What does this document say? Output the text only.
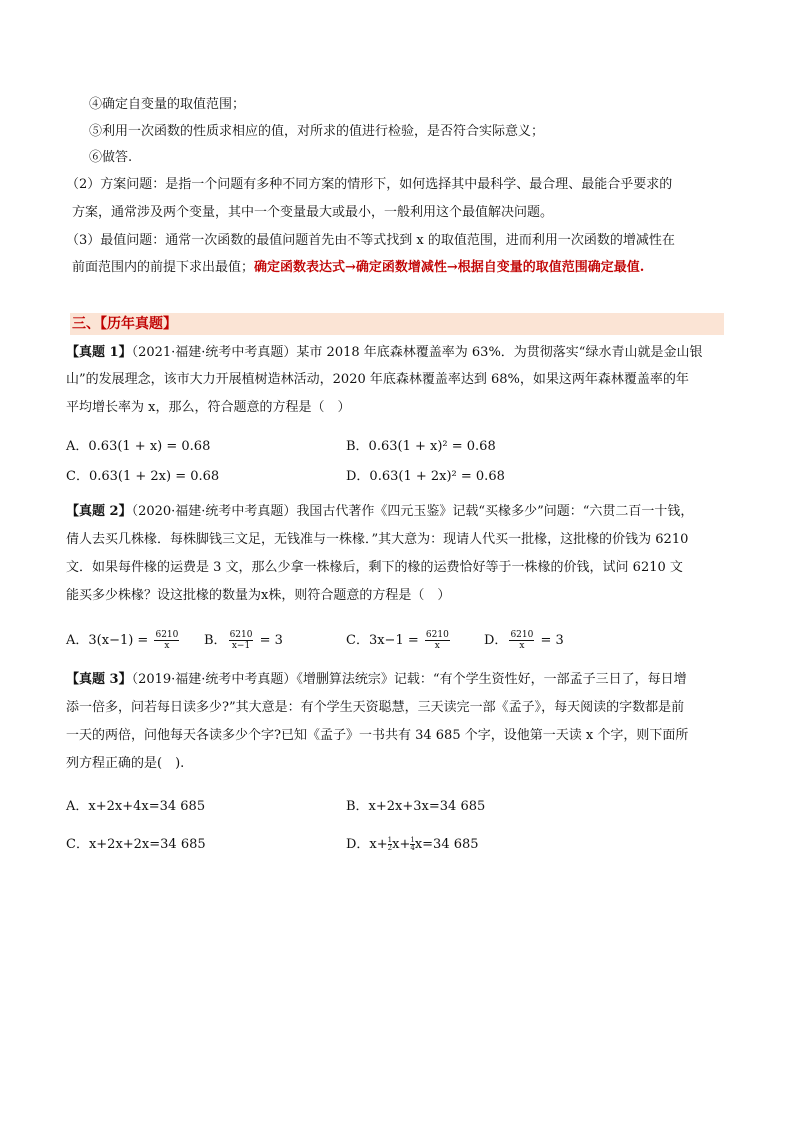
④确定自变量的取值范围；
⑤利用一次函数的性质求相应的值，对所求的值进行检验，是否符合实际意义；
⑥做答.
（2）方案问题：是指一个问题有多种不同方案的情形下，如何选择其中最科学、最合理、最能合乎要求的
方案，通常涉及两个变量，其中一个变量最大或最小，一般利用这个最值解决问题。
（3）最值问题：通常一次函数的最值问题首先由不等式找到 x 的取值范围，进而利用一次函数的增减性在
前面范围内的前提下求出最值；确定函数表达式→确定函数增减性→根据自变量的取值范围确定最值.
三、【历年真题】
【真题 1】（2021·福建·统考中考真题）某市 2018 年底森林覆盖率为 63%．为贯彻落实“绿水青山就是金山银
山”的发展理念，该市大力开展植树造林活动，2020 年底森林覆盖率达到 68%，如果这两年森林覆盖率的年
平均增长率为 x，那么，符合题意的方程是（　）
A．0.63(1 + x) = 0.68	B．0.63(1 + x)² = 0.68
C．0.63(1 + 2x) = 0.68	D．0.63(1 + 2x)² = 0.68
【真题 2】（2020·福建·统考中考真题）我国古代著作《四元玉鉴》记载“买椽多少”问题：“六贯二百一十钱，
倩人去买几株椽．每株脚钱三文足，无钱准与一株椽．”其大意为：现请人代买一批椽，这批椽的价钱为 6210
文．如果每件椽的运费是 3 文，那么少拿一株椽后，剩下的椽的运费恰好等于一株椽的价钱，试问 6210 文
能买多少株椽？设这批椽的数量为x株，则符合题意的方程是（　）
A．$3(x-1) = \frac{6210}{x}$ B． $\frac{6210}{x-1} = 3$	C．$3x-1 = \frac{6210}{x}$	D． $\frac{6210}{x} = 3$
【真题 3】（2019·福建·统考中考真题）《增删算法统宗》记载：“有个学生资性好，一部孟子三日了，每日增
添一倍多，问若每日读多少?”其大意是：有个学生天资聪慧，三天读完一部《孟子》，每天阅读的字数都是前
一天的两倍，问他每天各读多少个字?已知《孟子》一书共有 34 685 个字，设他第一天读 x 个字，则下面所
列方程正确的是(　).
A．x+2x+4x=34 685	B．x+2x+3x=34 685
C．x+2x+2x=34 685	D．$x+ \frac{1}{2} x+ \frac{1}{4} x=34$ 685
